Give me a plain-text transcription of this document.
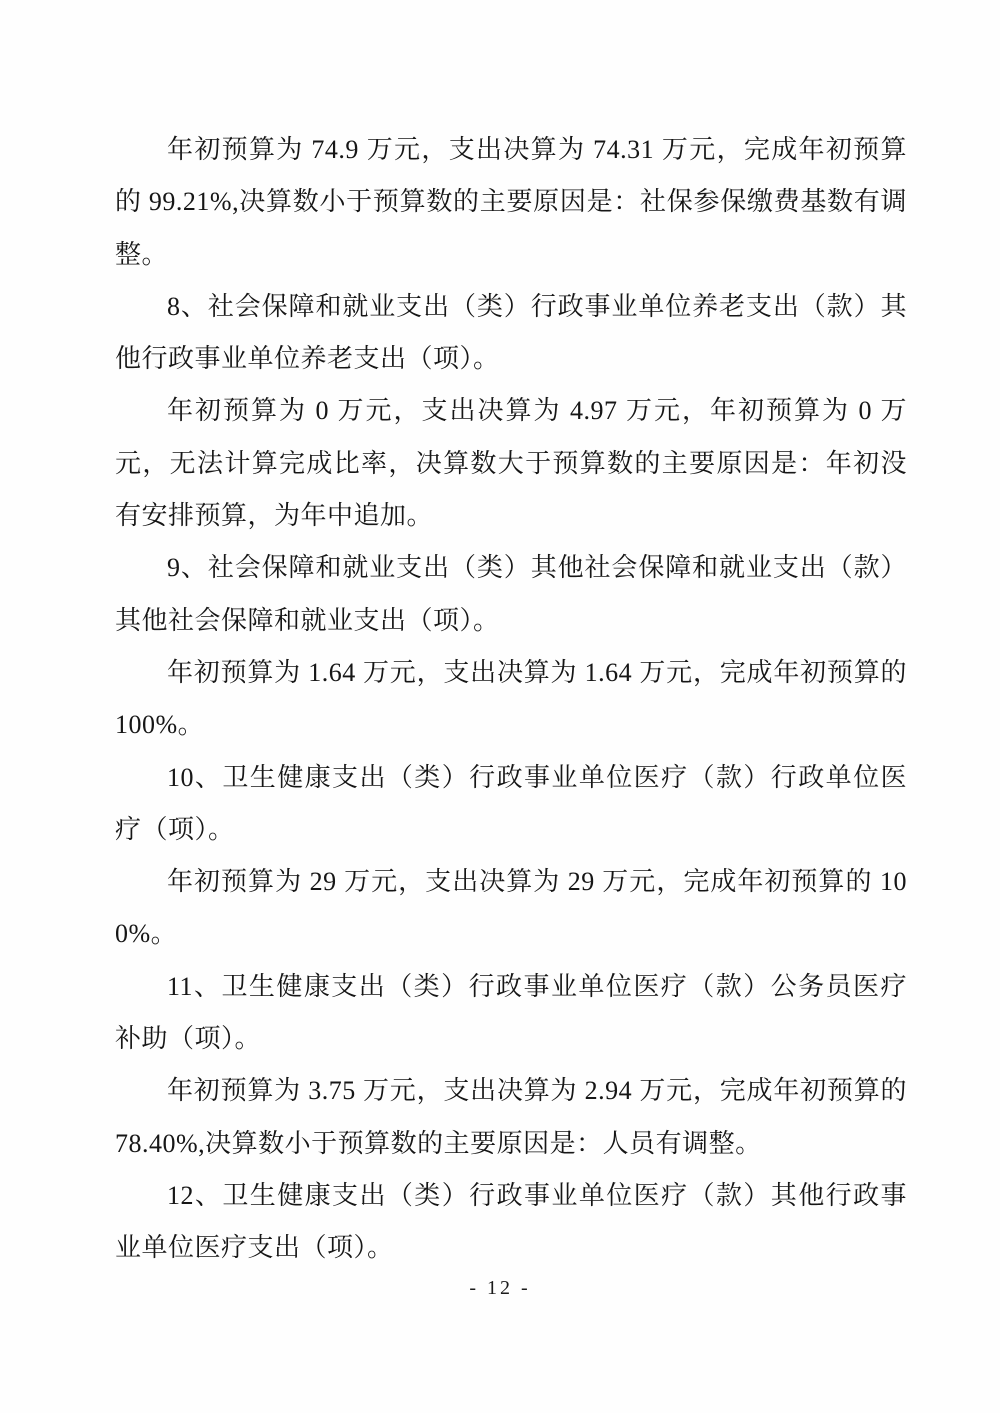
年初预算为 74.9 万元，支出决算为 74.31 万元，完成年初预算的 99.21%,决算数小于预算数的主要原因是：社保参保缴费基数有调整。

8、社会保障和就业支出（类）行政事业单位养老支出（款）其他行政事业单位养老支出（项）。

年初预算为 0 万元，支出决算为 4.97 万元，年初预算为 0 万元，无法计算完成比率，决算数大于预算数的主要原因是：年初没有安排预算，为年中追加。

9、社会保障和就业支出（类）其他社会保障和就业支出（款）其他社会保障和就业支出（项）。

年初预算为 1.64 万元，支出决算为 1.64 万元，完成年初预算的 100%。

10、卫生健康支出（类）行政事业单位医疗（款）行政单位医疗（项）。

年初预算为 29 万元，支出决算为 29 万元，完成年初预算的 100%。

11、卫生健康支出（类）行政事业单位医疗（款）公务员医疗补助（项）。

年初预算为 3.75 万元，支出决算为 2.94 万元，完成年初预算的 78.40%,决算数小于预算数的主要原因是：人员有调整。

12、卫生健康支出（类）行政事业单位医疗（款）其他行政事业单位医疗支出（项）。

- 12 -
